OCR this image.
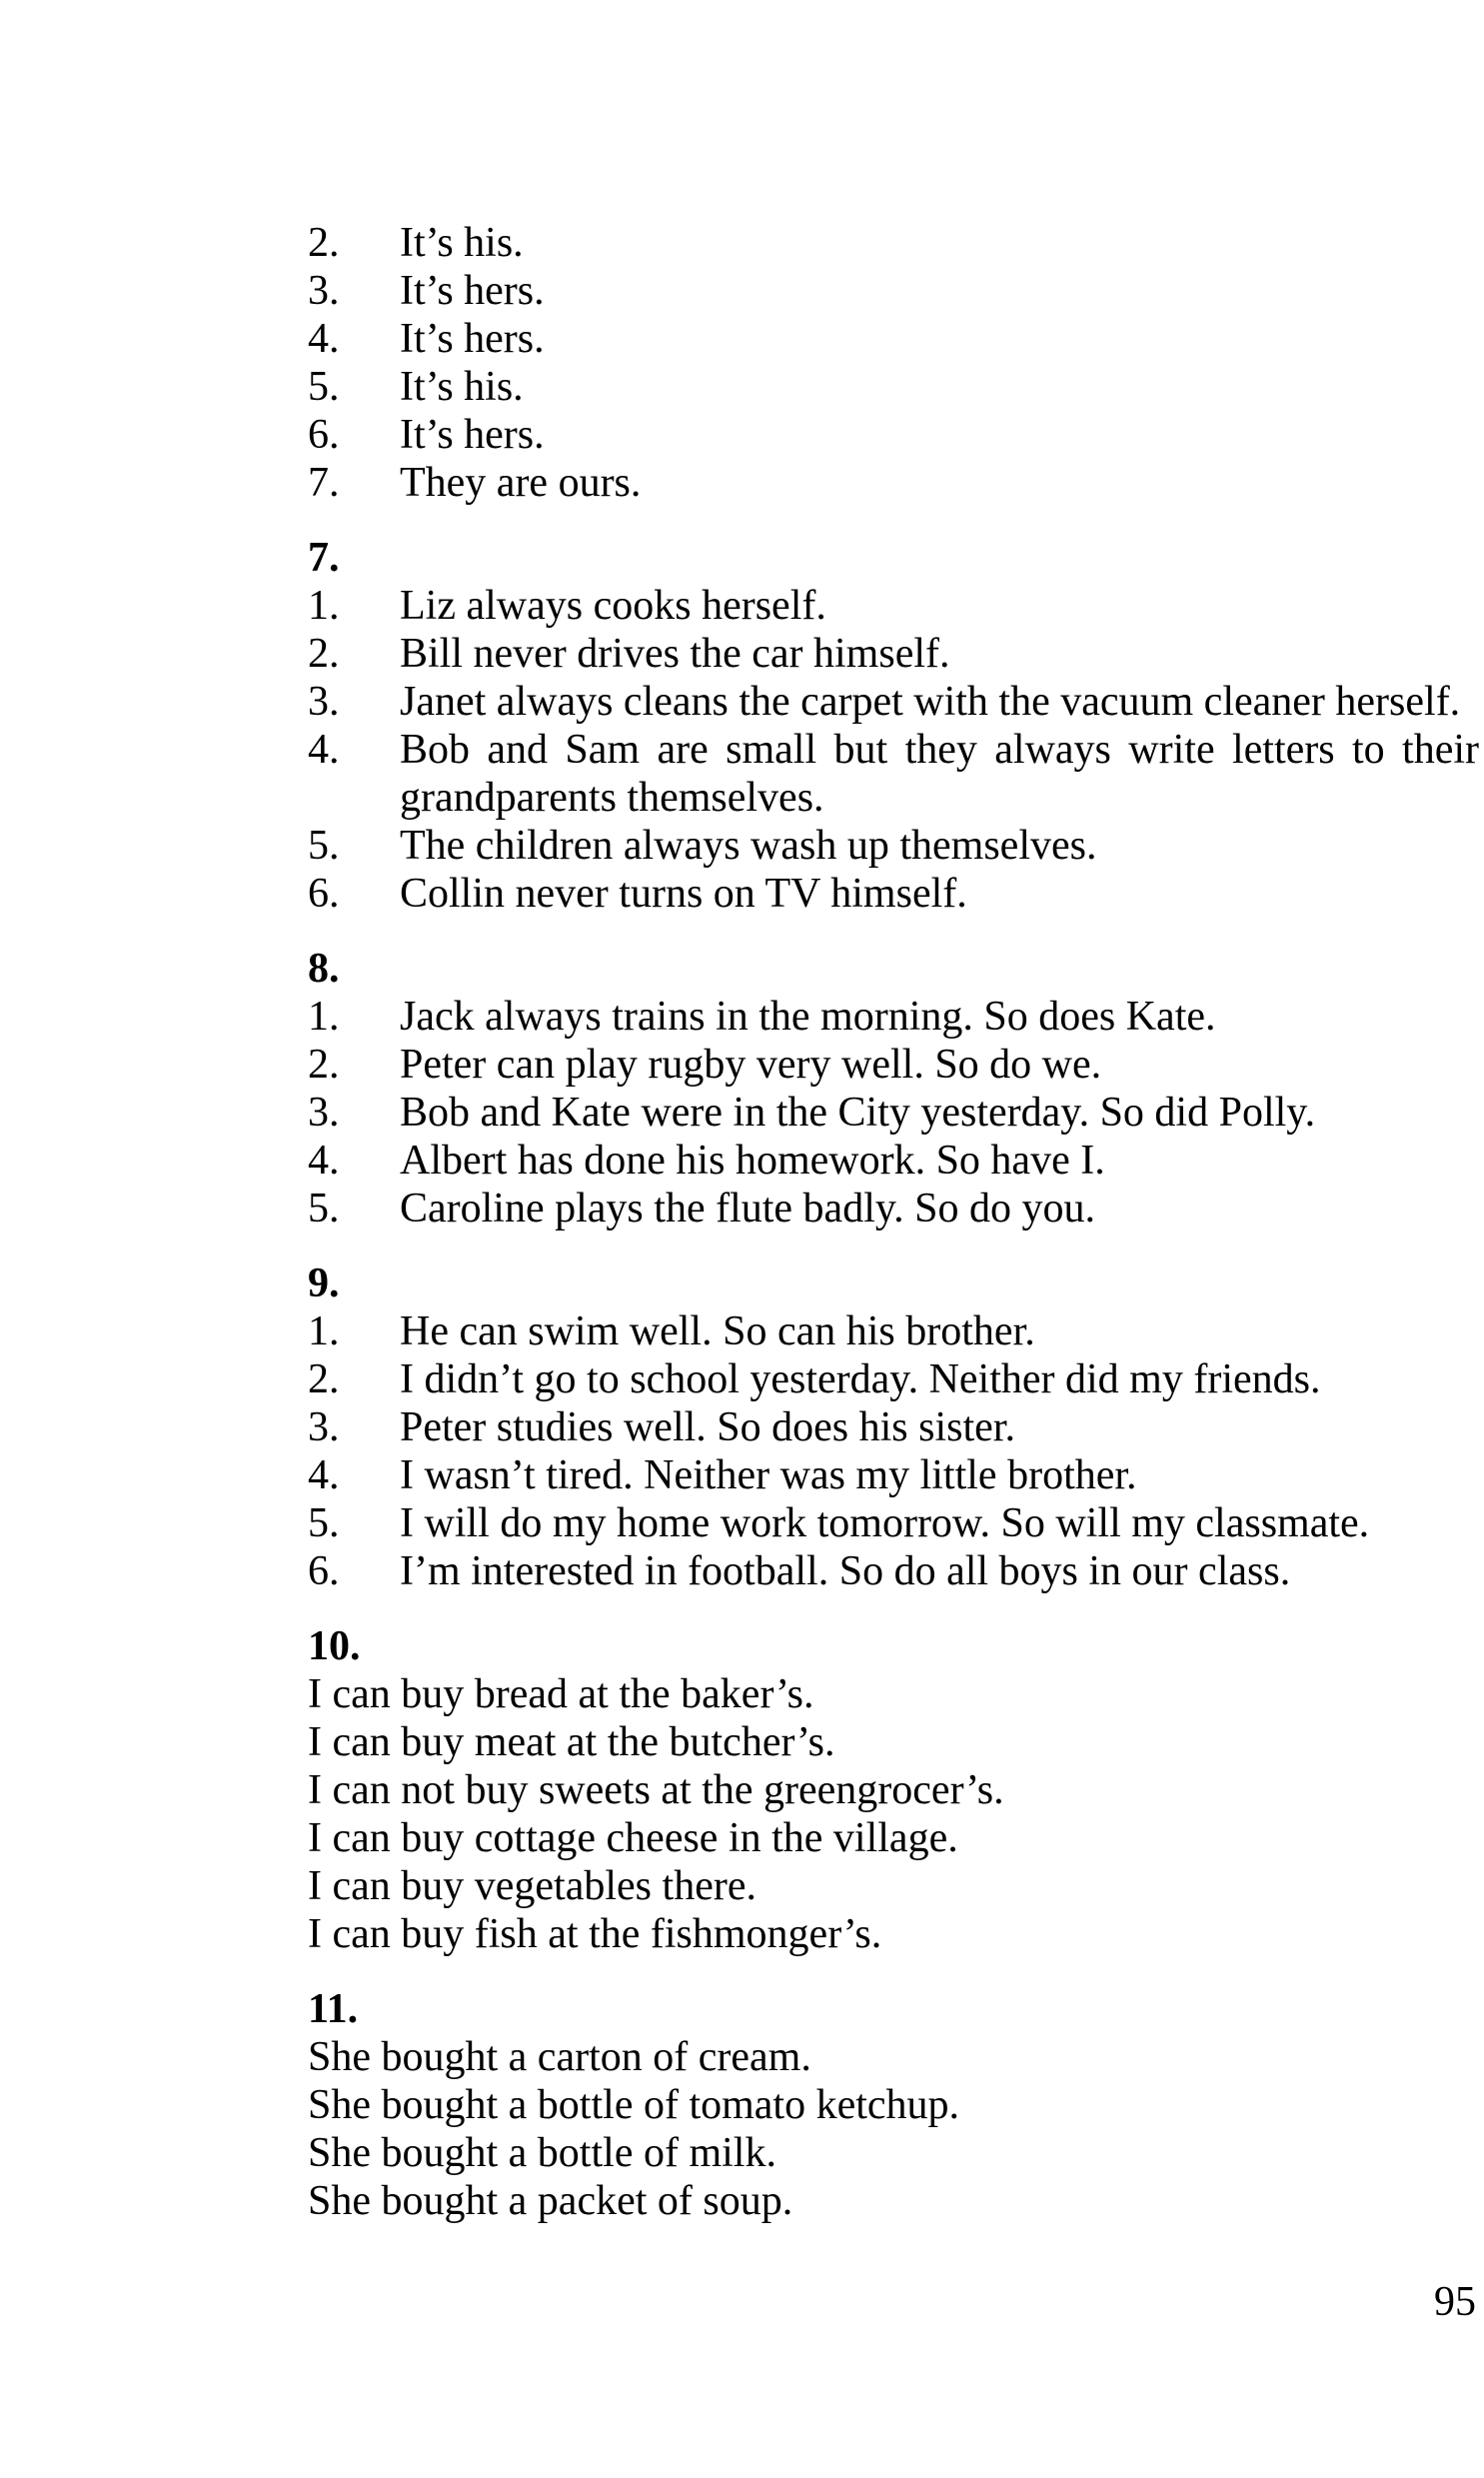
2.	It’s his.
3.	It’s hers.
4.	It’s hers.
5.	It’s his.
6.	It’s hers.
7.	They are ours.
7.
1.	Liz always cooks herself.
2.	Bill never drives the car himself.
3.	Janet always cleans the carpet with the vacuum cleaner herself.
4.	Bob and Sam are small but they always write letters to their grandparents themselves.
5.	The children always wash up themselves.
6.	Collin never turns on TV himself.
8.
1.	Jack always trains in the morning. So does Kate.
2.	Peter can play rugby very well. So do we.
3.	Bob and Kate were in the City yesterday. So did Polly.
4.	Albert has done his homework. So have I.
5.	Caroline plays the flute badly. So do you.
9.
1.	He can swim well. So can his brother.
2.	I didn’t go to school yesterday. Neither did my friends.
3.	Peter studies well. So does his sister.
4.	I wasn’t tired. Neither was my little brother.
5.	I will do my home work tomorrow. So will my classmate.
6.	I’m interested in football. So do all boys in our class.
10.
I can buy bread at the baker’s.
I can buy meat at the butcher’s.
I can not buy sweets at the greengrocer’s.
I can buy cottage cheese in the village.
I can buy vegetables there.
I can buy fish at the fishmonger’s.
11.
She bought a carton of cream.
She bought a bottle of tomato ketchup.
She bought a bottle of milk.
She bought a packet of soup.
95
